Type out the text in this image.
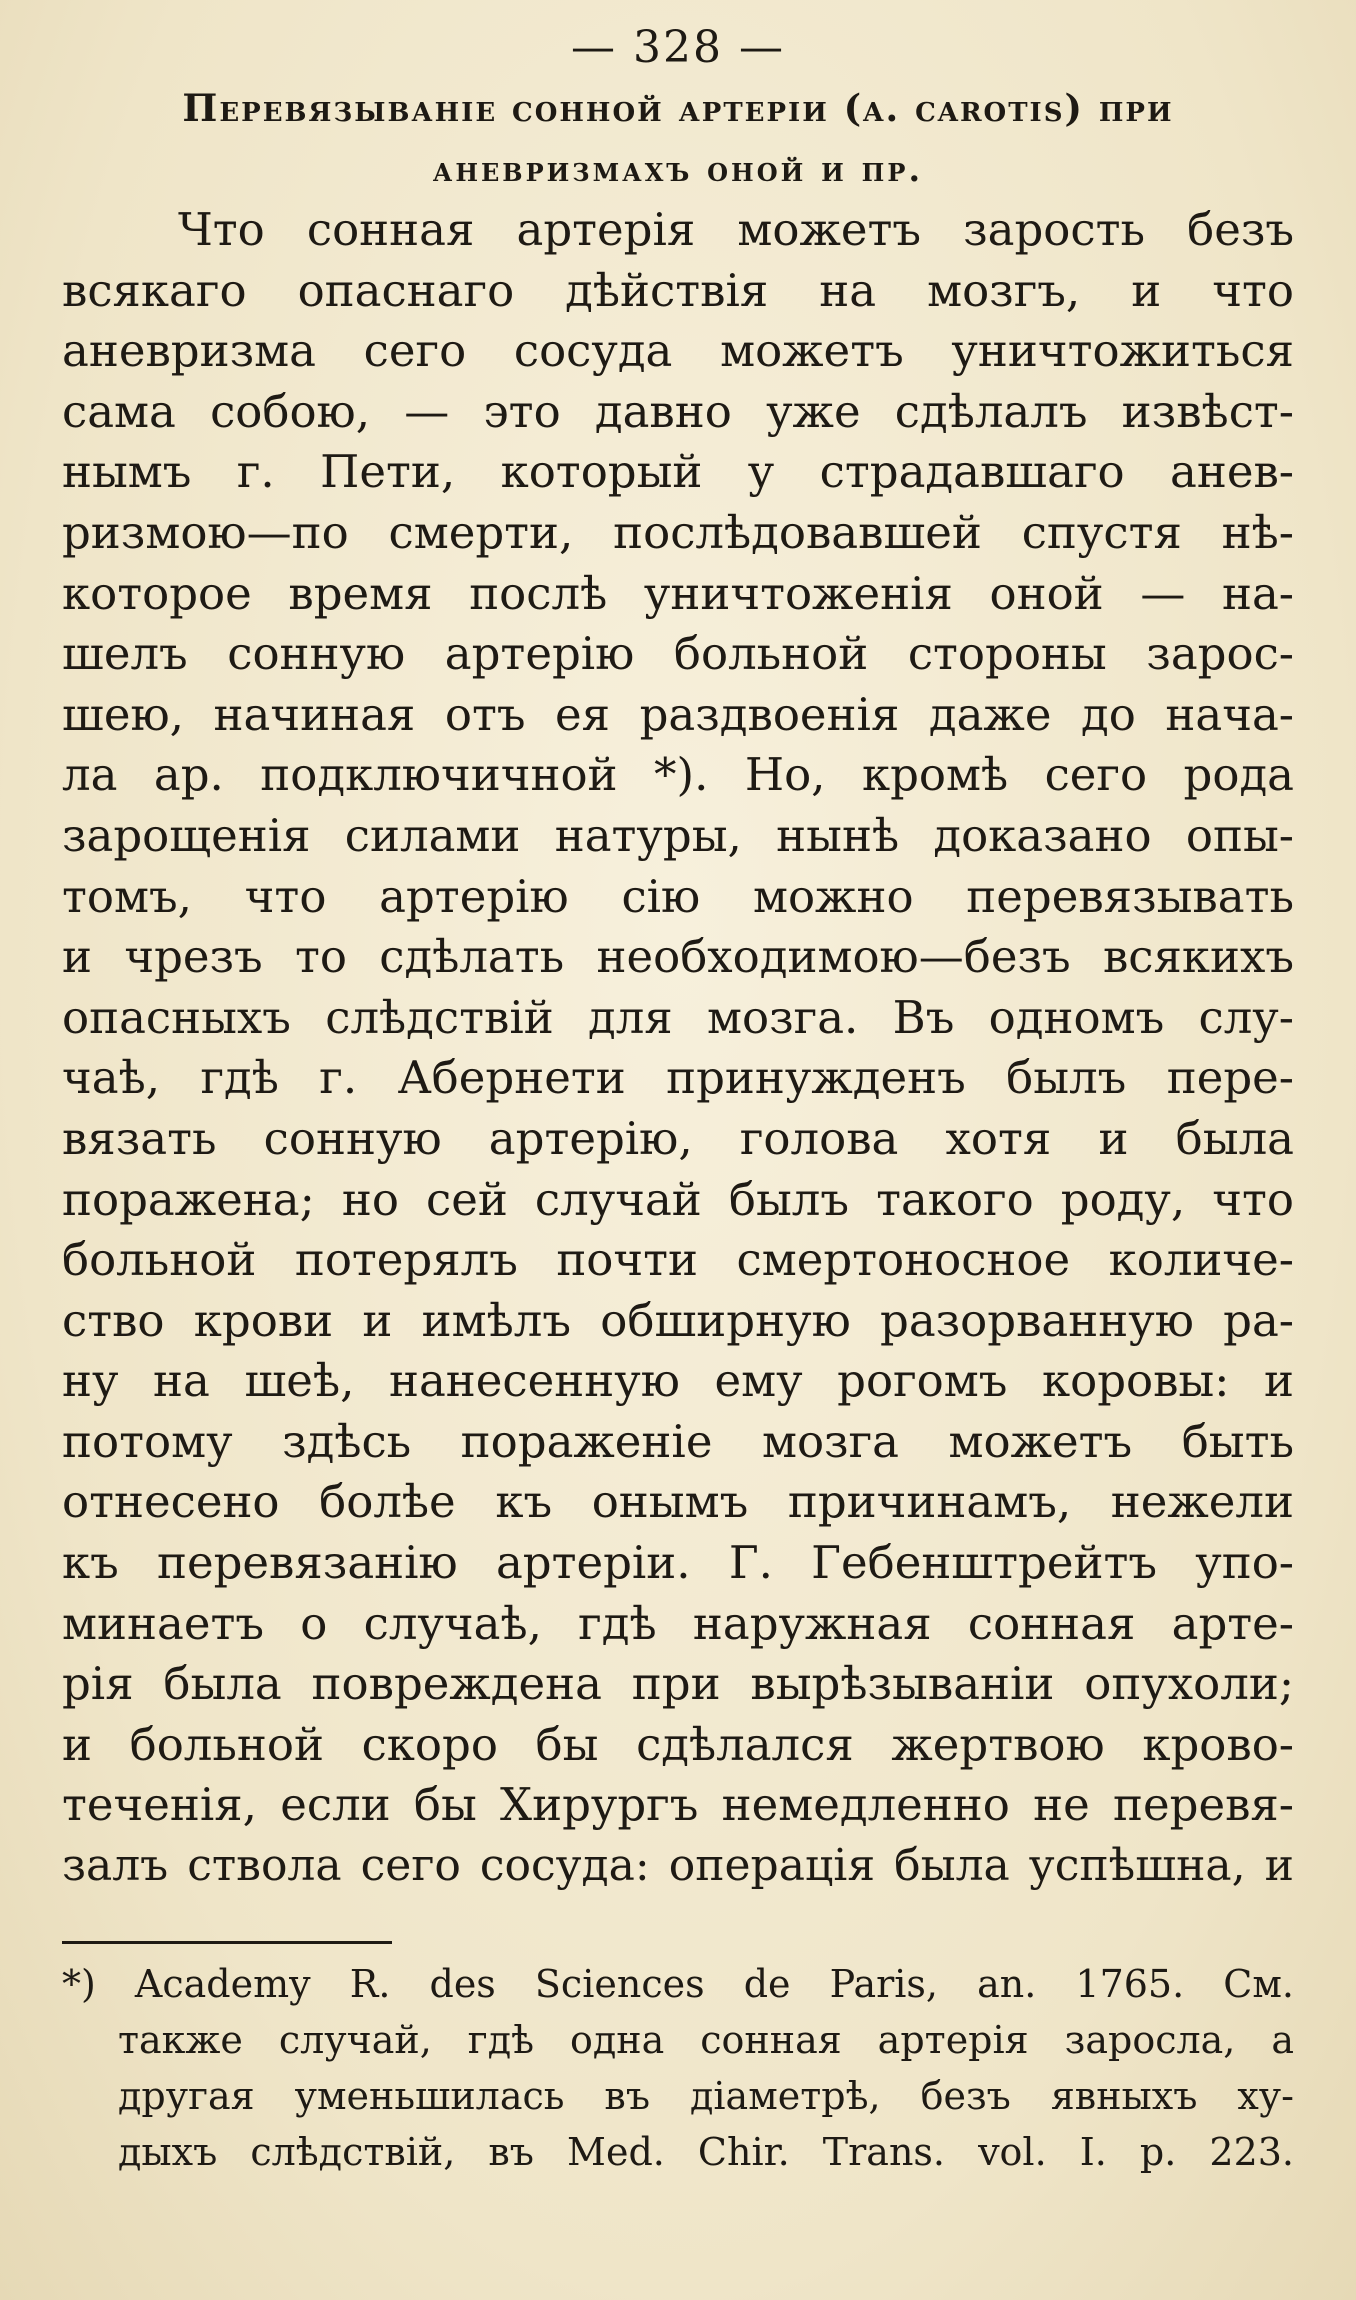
— 328 —
Перевязываніе сонной артеріи (a. carotis) при
аневризмахъ оной и пр.
Что сонная артерія можетъ зарость безъ
всякаго опаснаго дѣйствія на мозгъ, и что
аневризма сего сосуда можетъ уничтожиться
сама собою, — это давно уже сдѣлалъ извѣст-
нымъ г. Пети, который у страдавшаго анев-
ризмою—по смерти, послѣдовавшей спустя нѣ-
которое время послѣ уничтоженія оной — на-
шелъ сонную артерію больной стороны зарос-
шею, начиная отъ ея раздвоенія даже до нача-
ла ар. подключичной *). Но, кромѣ сего рода
зарощенія силами натуры, нынѣ доказано опы-
томъ, что артерію сію можно перевязывать
и чрезъ то сдѣлать необходимою—безъ всякихъ
опасныхъ слѣдствій для мозга. Въ одномъ слу-
чаѣ, гдѣ г. Абернети принужденъ былъ пере-
вязать сонную артерію, голова хотя и была
поражена; но сей случай былъ такого роду, что
больной потерялъ почти смертоносное количе-
ство крови и имѣлъ обширную разорванную ра-
ну на шеѣ, нанесенную ему рогомъ коровы: и
потому здѣсь пораженіе мозга можетъ быть
отнесено болѣе къ онымъ причинамъ, нежели
къ перевязанію артеріи. Г. Гебенштрейтъ упо-
минаетъ о случаѣ, гдѣ наружная сонная арте-
рія была повреждена при вырѣзываніи опухоли;
и больной скоро бы сдѣлался жертвою крово-
теченія, если бы Хирургъ немедленно не перевя-
залъ ствола сего сосуда: операція была успѣшна, и
*) Academy R. des Sciences de Paris, an. 1765. См.
также случай, гдѣ одна сонная артерія заросла, а
другая уменьшилась въ діаметрѣ, безъ явныхъ ху-
дыхъ слѣдствій, въ Med. Chir. Trans. vol. I. p. 223.
